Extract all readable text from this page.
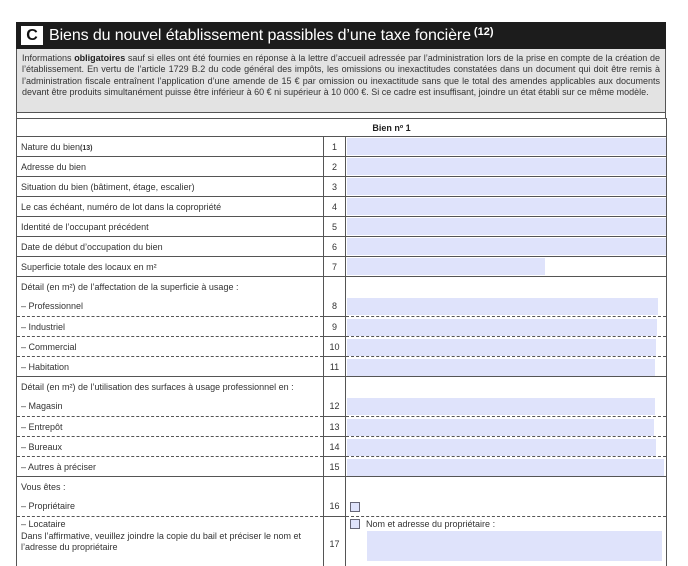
C Biens du nouvel établissement passibles d’une taxe foncière (12)
Informations obligatoires sauf si elles ont été fournies en réponse à la lettre d’accueil adressée par l’administration lors de la prise en compte de la création de l’établissement. En vertu de l’article 1729 B.2 du code général des impôts, les omissions ou inexactitudes constatées dans un document qui doit être remis à l’administration fiscale entraînent l’application d’une amende de 15 € par omission ou inexactitude sans que le total des amendes applicables aux documents devant être produits simultanément puisse être inférieur à 60 € ni supérieur à 10 000 €. Si ce cadre est insuffisant, joindre un état établi sur ce même modèle.
Bien nº 1		
Nature du bien(13)	1	

Adresse du bien	2	

Situation du bien (bâtiment, étage, escalier)	3	

Le cas échéant, numéro de lot dans la copropriété	4	

Identité de l’occupant précédent	5	

Date de début d’occupation du bien	6	

Superficie totale des locaux en m²	7	

Détail (en m²) de l’affectation de la superficie à usage :		
– Professionnel	8	

– Industriel	9	

– Commercial	10	

– Habitation	11	

Détail (en m²) de l’utilisation des surfaces à usage professionnel en :		
– Magasin	12	

– Entrepôt	13	

– Bureaux	14	

– Autres à préciser	15	

Vous êtes :		
– Propriétaire	16	

– Locataire
Dans l’affirmative, veuillez joindre la copie du bail et préciser le nom et l’adresse du propriétaire	17	Nom et adresse du propriétaire :
